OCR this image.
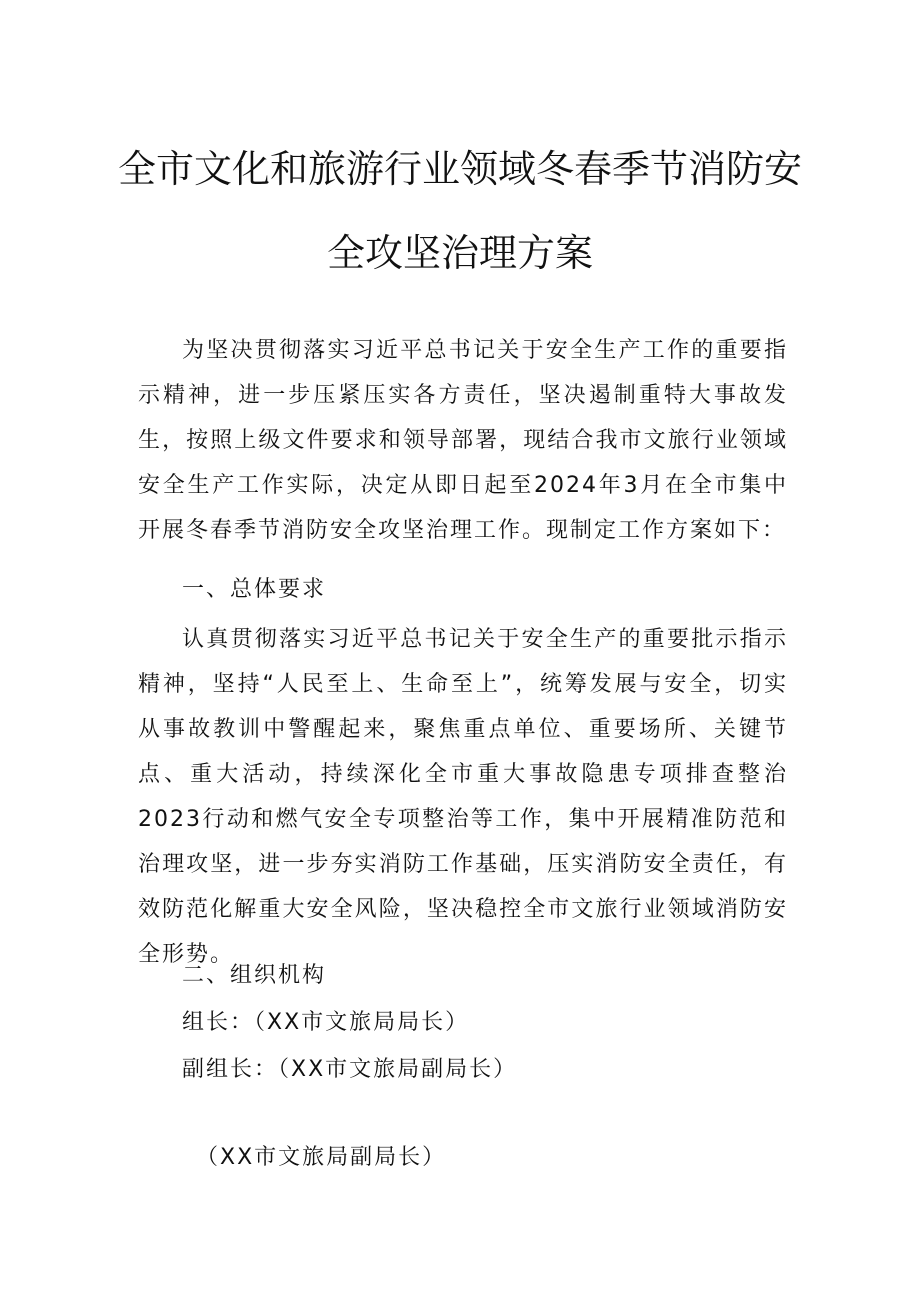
全市文化和旅游行业领域冬春季节消防安
全攻坚治理方案
为坚决贯彻落实习近平总书记关于安全生产工作的重要指示精神，进一步压紧压实各方责任，坚决遏制重特大事故发生，按照上级文件要求和领导部署，现结合我市文旅行业领域安全生产工作实际，决定从即日起至2024年3月在全市集中开展冬春季节消防安全攻坚治理工作。现制定工作方案如下：
一、总体要求
认真贯彻落实习近平总书记关于安全生产的重要批示指示精神，坚持“人民至上、生命至上”，统筹发展与安全，切实从事故教训中警醒起来，聚焦重点单位、重要场所、关键节点、重大活动，持续深化全市重大事故隐患专项排查整治2023行动和燃气安全专项整治等工作，集中开展精准防范和治理攻坚，进一步夯实消防工作基础，压实消防安全责任，有效防范化解重大安全风险，坚决稳控全市文旅行业领域消防安全形势。
二、组织机构
组长：（XX市文旅局局长）
副组长：（XX市文旅局副局长）
（XX市文旅局副局长）
